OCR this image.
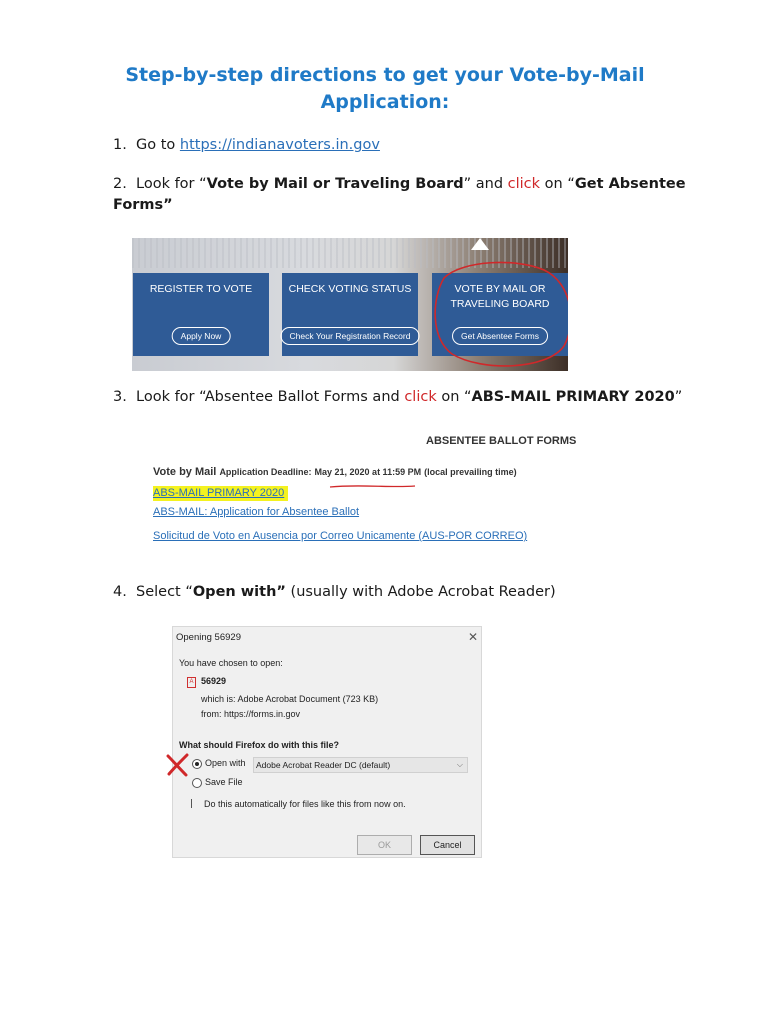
Step-by-step directions to get your Vote-by-Mail Application:
1. Go to https://indianavoters.in.gov
2. Look for “Vote by Mail or Traveling Board” and click on “Get Absentee Forms”
REGISTER TO VOTE
Apply Now
CHECK VOTING STATUS
Check Your Registration Record
VOTE BY MAIL OR TRAVELING BOARD
Get Absentee Forms
3. Look for “Absentee Ballot Forms and click on “ABS-MAIL PRIMARY 2020”
ABSENTEE BALLOT FORMS
Vote by Mail Application Deadline: May 21, 2020 at 11:59 PM (local prevailing time)
ABS-MAIL PRIMARY 2020
ABS-MAIL: Application for Absentee Ballot
Solicitud de Voto en Ausencia por Correo Unicamente (AUS-POR CORREO)
4. Select “Open with” (usually with Adobe Acrobat Reader)
Opening 56929	✕
You have chosen to open:
A 56929
which is: Adobe Acrobat Document (723 KB)
from: https://forms.in.gov
What should Firefox do with this file?
Open with	Adobe Acrobat Reader DC (default)	⌵
Save File
Do this automatically for files like this from now on.
OK	Cancel
